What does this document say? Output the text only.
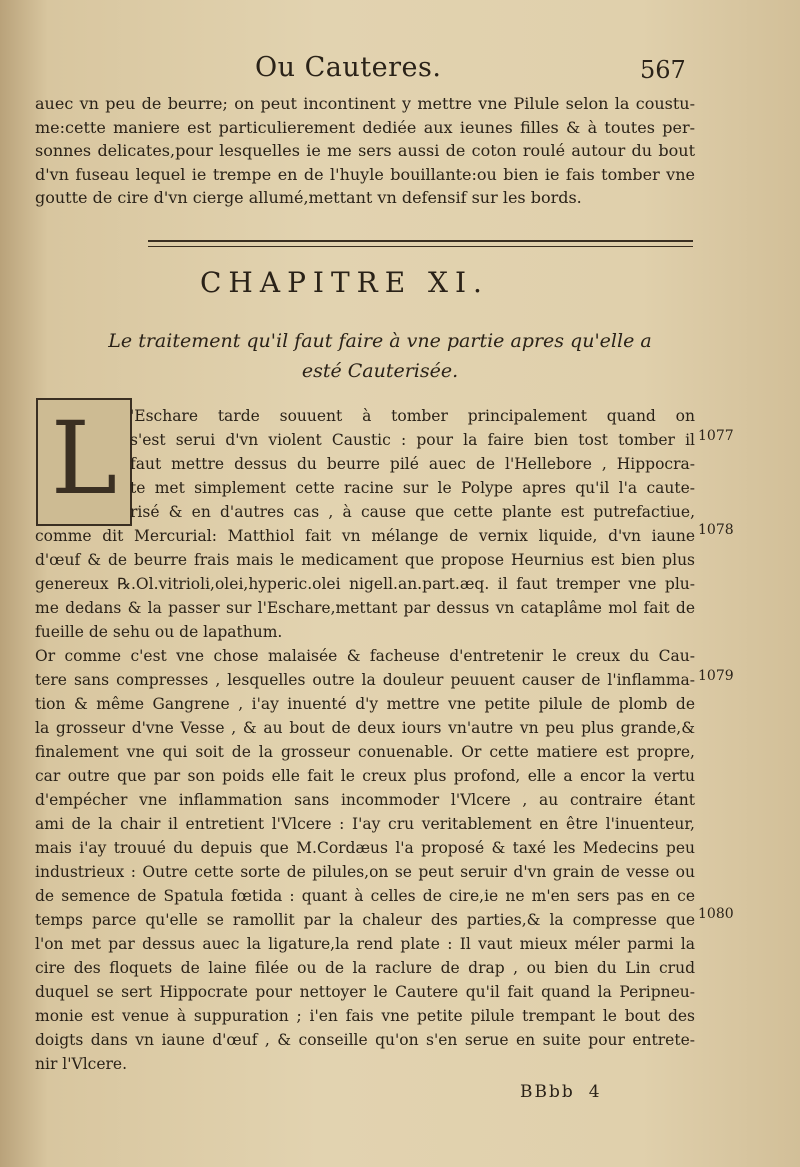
Ou Cauteres.	567
auec vn peu de beurre; on peut incontinent y mettre vne Pilule selon la coustu-
me:cette maniere est particulierement dediée aux ieunes filles & à toutes per-
sonnes delicates,pour lesquelles ie me sers aussi de coton roulé autour du bout
d'vn fuseau lequel ie trempe en de l'huyle bouillante:ou bien ie fais tomber vne
goutte de cire d'vn cierge allumé,mettant vn defensif sur les bords.
CHAPITRE XI.
Le traitement qu'il faut faire à vne partie apres qu'elle a
esté Cauterisée.
L 'Eschare tarde souuent à tomber principalement quand on
s'est serui d'vn violent Caustic : pour la faire bien tost tomber il
faut mettre dessus du beurre pilé auec de l'Hellebore , Hippocra-
te met simplement cette racine sur le Polype apres qu'il l'a caute-
risé & en d'autres cas , à cause que cette plante est putrefactiue,
comme dit Mercurial: Matthiol fait vn mélange de vernix liquide, d'vn iaune
d'œuf & de beurre frais mais le medicament que propose Heurnius est bien plus
genereux ℞.Ol.vitrioli,olei,hyperic.olei nigell.an.part.æq. il faut tremper vne plu-
me dedans & la passer sur l'Eschare,mettant par dessus vn cataplâme mol fait de
fueille de sehu ou de lapathum.
Or comme c'est vne chose malaisée & facheuse d'entretenir le creux du Cau-
tere sans compresses , lesquelles outre la douleur peuuent causer de l'inflamma-
tion & même Gangrene , i'ay inuenté d'y mettre vne petite pilule de plomb de
la grosseur d'vne Vesse , & au bout de deux iours vn'autre vn peu plus grande,&
finalement vne qui soit de la grosseur conuenable. Or cette matiere est propre,
car outre que par son poids elle fait le creux plus profond, elle a encor la vertu
d'empécher vne inflammation sans incommoder l'Vlcere , au contraire étant
ami de la chair il entretient l'Vlcere : I'ay cru veritablement en être l'inuenteur,
mais i'ay trouué du depuis que M.Cordæus l'a proposé & taxé les Medecins peu
industrieux : Outre cette sorte de pilules,on se peut seruir d'vn grain de vesse ou
de semence de Spatula fœtida : quant à celles de cire,ie ne m'en sers pas en ce
temps parce qu'elle se ramollit par la chaleur des parties,& la compresse que
l'on met par dessus auec la ligature,la rend plate : Il vaut mieux méler parmi la
cire des floquets de laine filée ou de la raclure de drap , ou bien du Lin crud
duquel se sert Hippocrate pour nettoyer le Cautere qu'il fait quand la Peripneu-
monie est venue à suppuration ; i'en fais vne petite pilule trempant le bout des
doigts dans vn iaune d'œuf , & conseille qu'on s'en serue en suite pour entrete-
nir l'Vlcere.
1077
1078
1079
1080
BBbb 4
